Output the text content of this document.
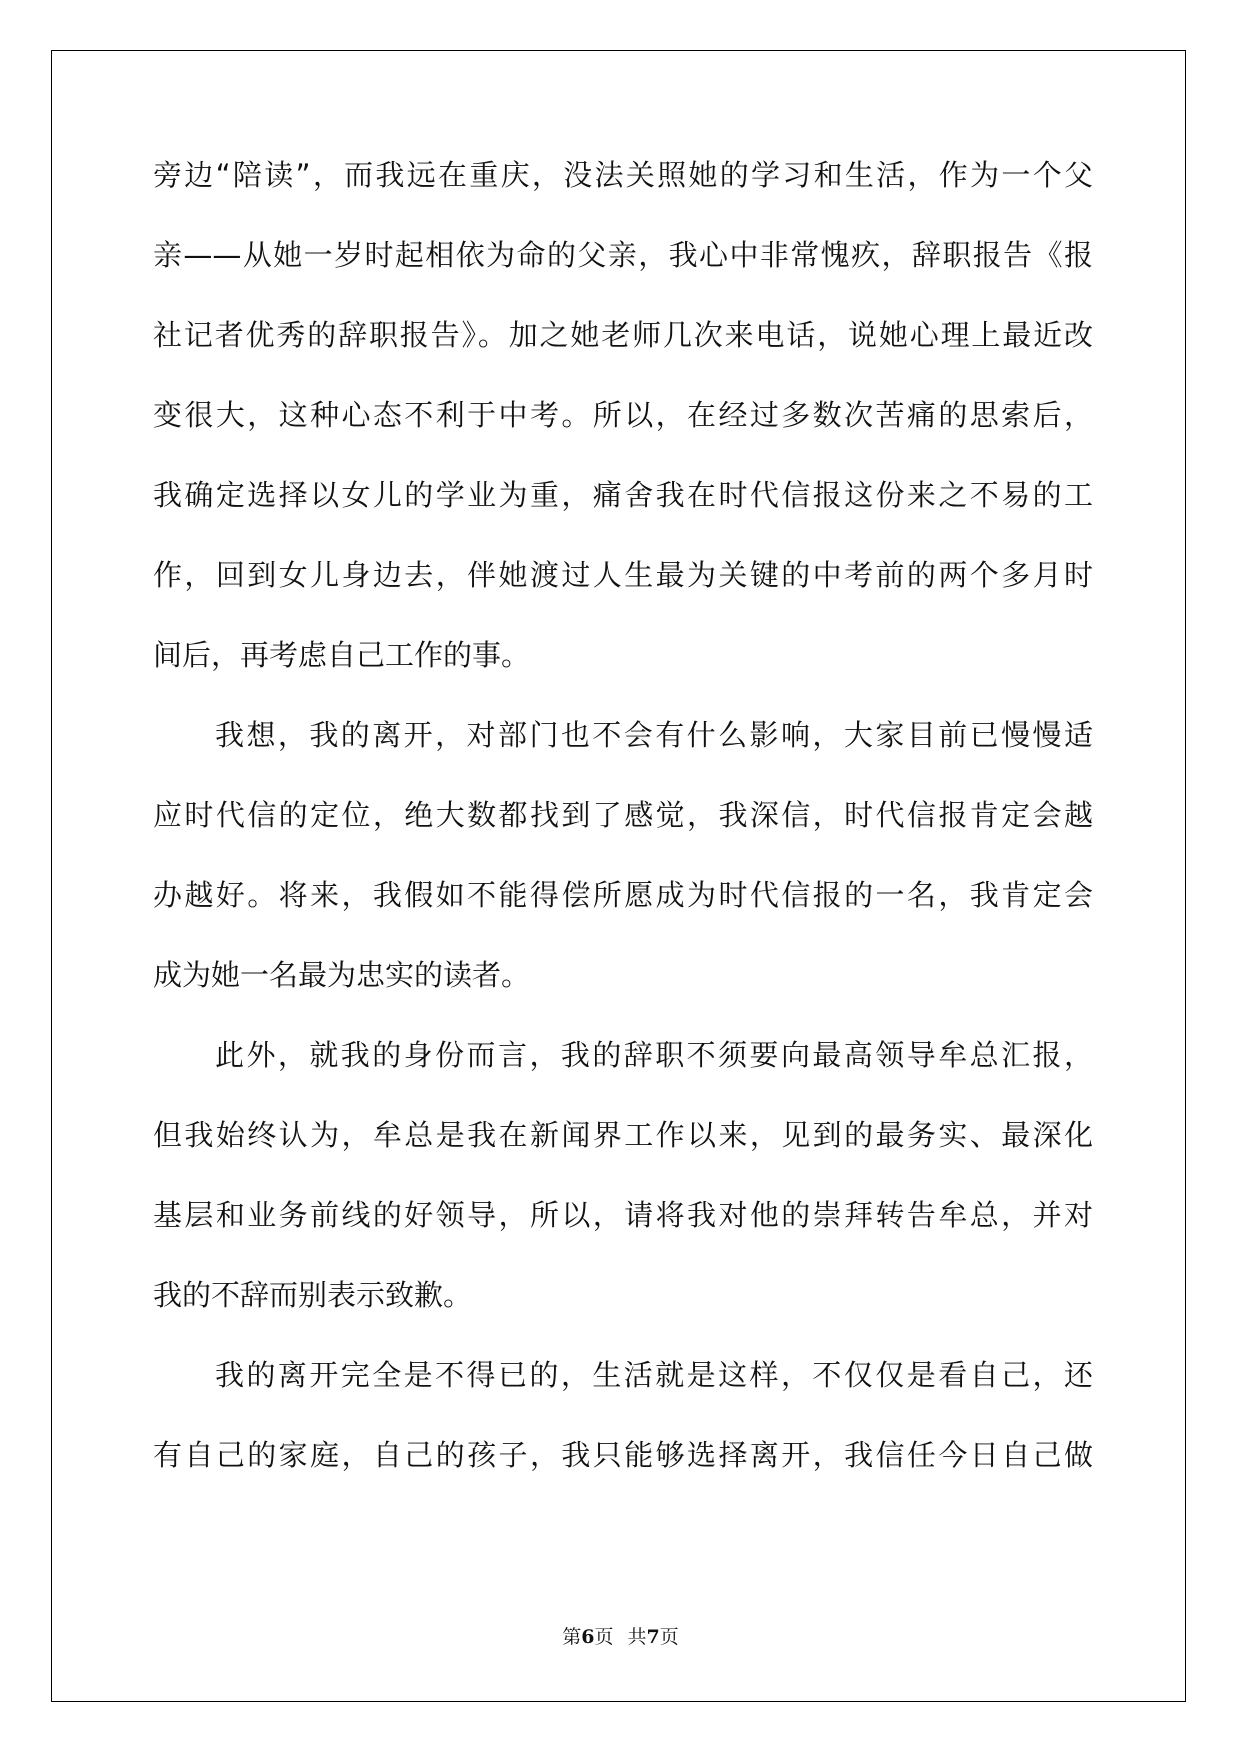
旁边“陪读”，而我远在重庆，没法关照她的学习和生活，作为一个父
亲——从她一岁时起相依为命的父亲，我心中非常愧疚，辞职报告《报
社记者优秀的辞职报告》。加之她老师几次来电话，说她心理上最近改
变很大，这种心态不利于中考。所以，在经过多数次苦痛的思索后，
我确定选择以女儿的学业为重，痛舍我在时代信报这份来之不易的工
作，回到女儿身边去，伴她渡过人生最为关键的中考前的两个多月时
间后，再考虑自己工作的事。
我想，我的离开，对部门也不会有什么影响，大家目前已慢慢适
应时代信的定位，绝大数都找到了感觉，我深信，时代信报肯定会越
办越好。将来，我假如不能得偿所愿成为时代信报的一名，我肯定会
成为她一名最为忠实的读者。
此外，就我的身份而言，我的辞职不须要向最高领导牟总汇报，
但我始终认为，牟总是我在新闻界工作以来，见到的最务实、最深化
基层和业务前线的好领导，所以，请将我对他的崇拜转告牟总，并对
我的不辞而别表示致歉。
我的离开完全是不得已的，生活就是这样，不仅仅是看自己，还
有自己的家庭，自己的孩子，我只能够选择离开，我信任今日自己做
第6页 共7页
